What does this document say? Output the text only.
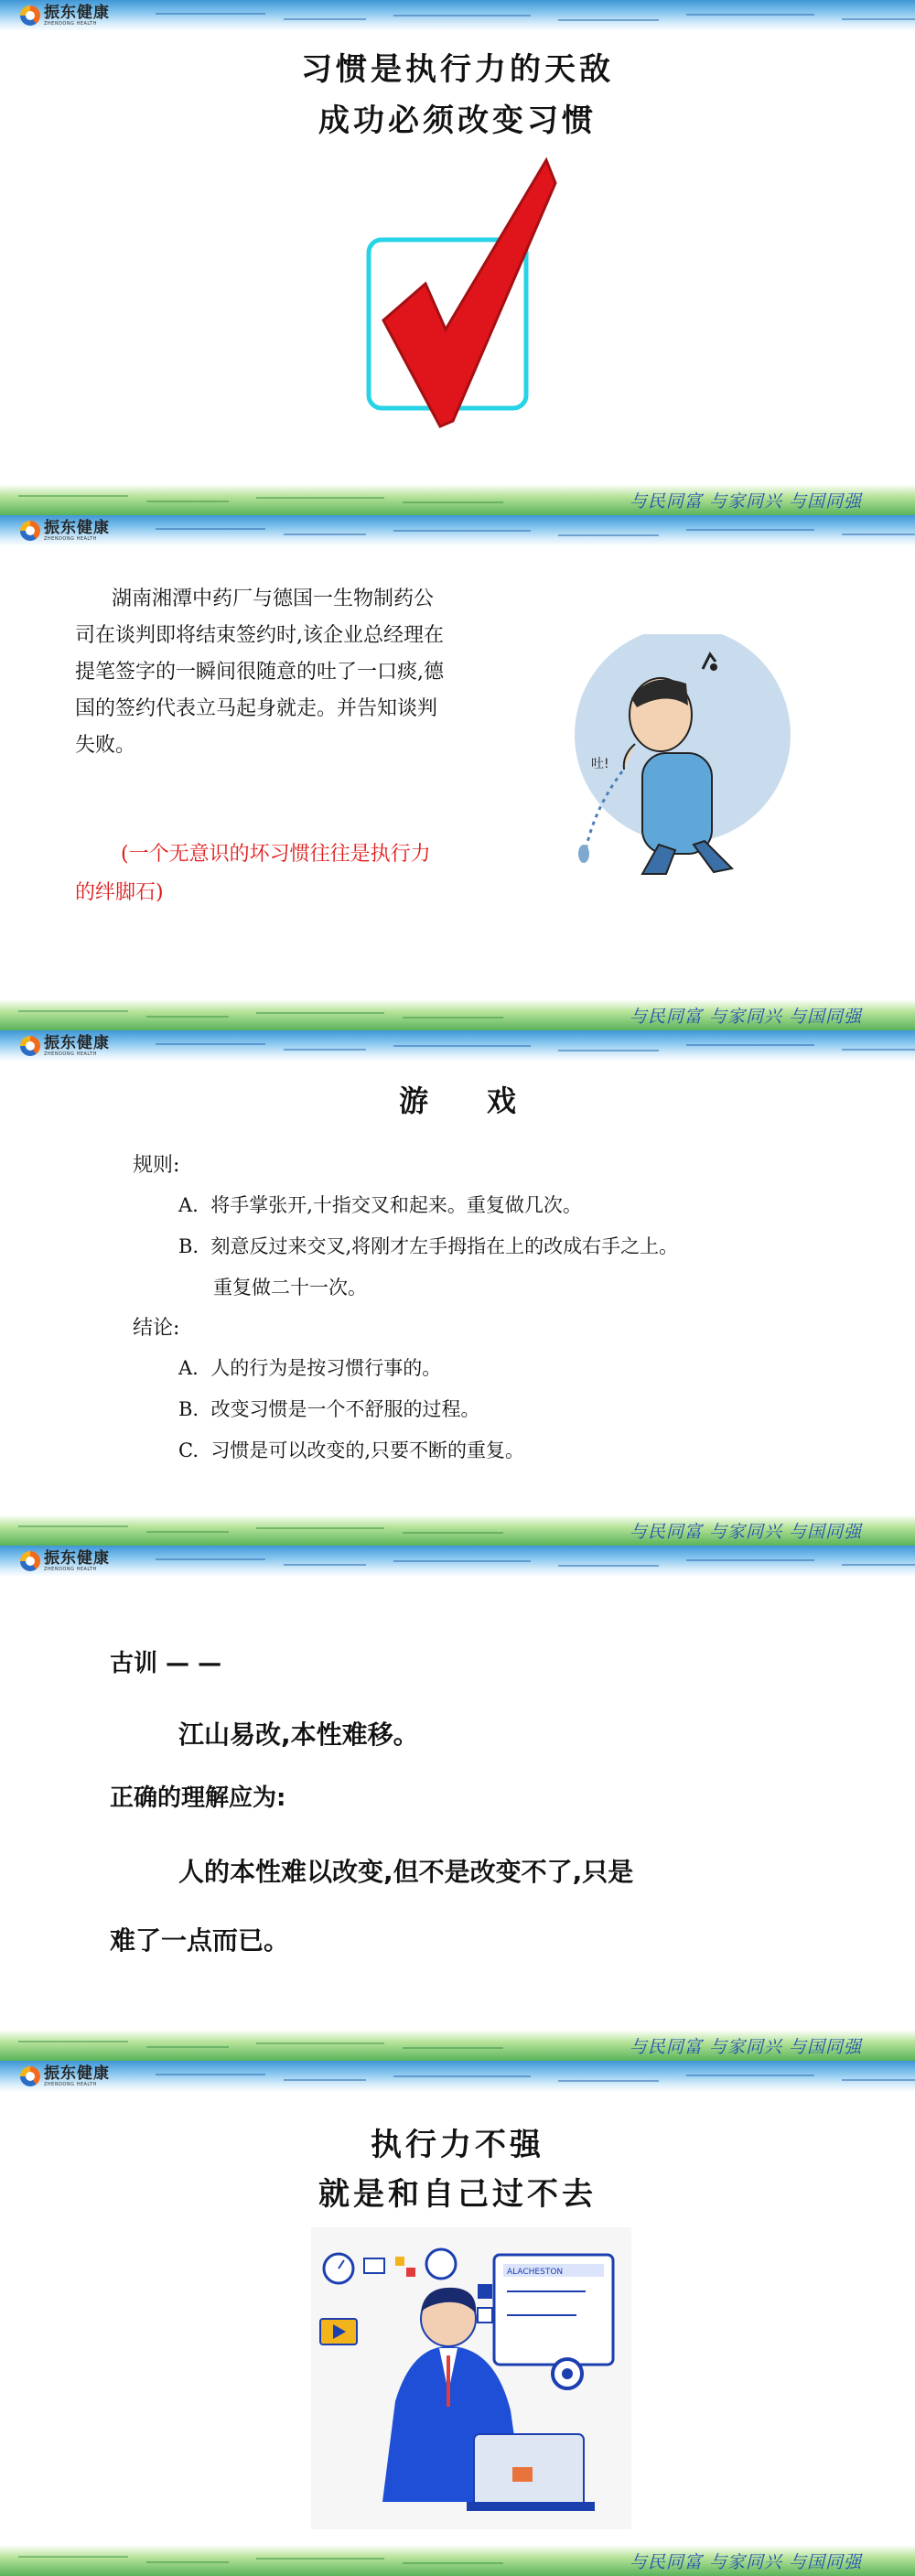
振东健康
ZHENDONG HEALTH
习惯是执行力的天敌
成功必须改变习惯
与民同富 与家同兴 与国同强
振东健康
ZHENDONG HEALTH

湖南湘潭中药厂与德国一生物制药公司在谈判即将结束签约时,该企业总经理在提笔签字的一瞬间很随意的吐了一口痰,德国的签约代表立马起身就走。并告知谈判失败。

(一个无意识的坏习惯往往是执行力的绊脚石)

吐!
与民同富 与家同兴 与国同强
振东健康
ZHENDONG HEALTH
游　　戏
规则:
A.  将手掌张开,十指交叉和起来。重复做几次。
B.  刻意反过来交叉,将刚才左手拇指在上的改成右手之上。
重复做二十一次。
结论:
A.  人的行为是按习惯行事的。
B.  改变习惯是一个不舒服的过程。
C.  习惯是可以改变的,只要不断的重复。
与民同富 与家同兴 与国同强
振东健康
ZHENDONG HEALTH
古训 — —
江山易改,本性难移。
正确的理解应为:
人的本性难以改变,但不是改变不了,只是
难了一点而已。
与民同富 与家同兴 与国同强
振东健康
ZHENDONG HEALTH
执行力不强
就是和自己过不去
ALACHESTON
与民同富 与家同兴 与国同强
